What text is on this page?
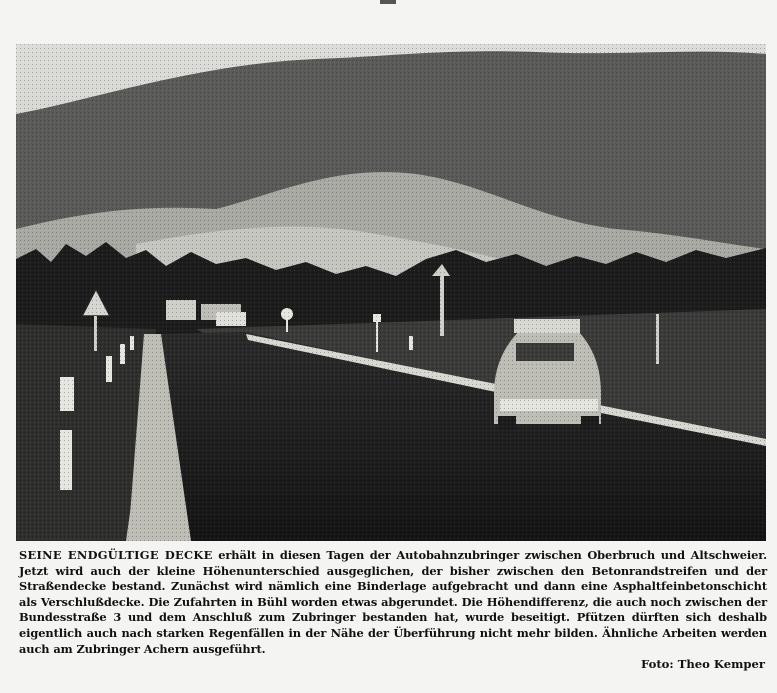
SEINE ENDGÜLTIGE DECKE erhält in diesen Tagen der Autobahnzubringer zwischen Oberbruch und Altschweier. Jetzt wird auch der kleine Höhenunterschied ausgeglichen, der bisher zwischen den Betonrandstreifen und der Straßendecke bestand. Zunächst wird nämlich eine Binderlage aufgebracht und dann eine Asphaltfeinbetonschicht als Verschlußdecke. Die Zufahrten in Bühl worden etwas abgerundet. Die Höhendifferenz, die auch noch zwischen der Bundesstraße 3 und dem Anschluß zum Zubringer bestanden hat, wurde beseitigt. Pfützen dürften sich deshalb eigentlich auch nach starken Regenfällen in der Nähe der Überführung nicht mehr bilden. Ähnliche Arbeiten werden auch am Zubringer Achern ausgeführt.
Foto: Theo Kemper
